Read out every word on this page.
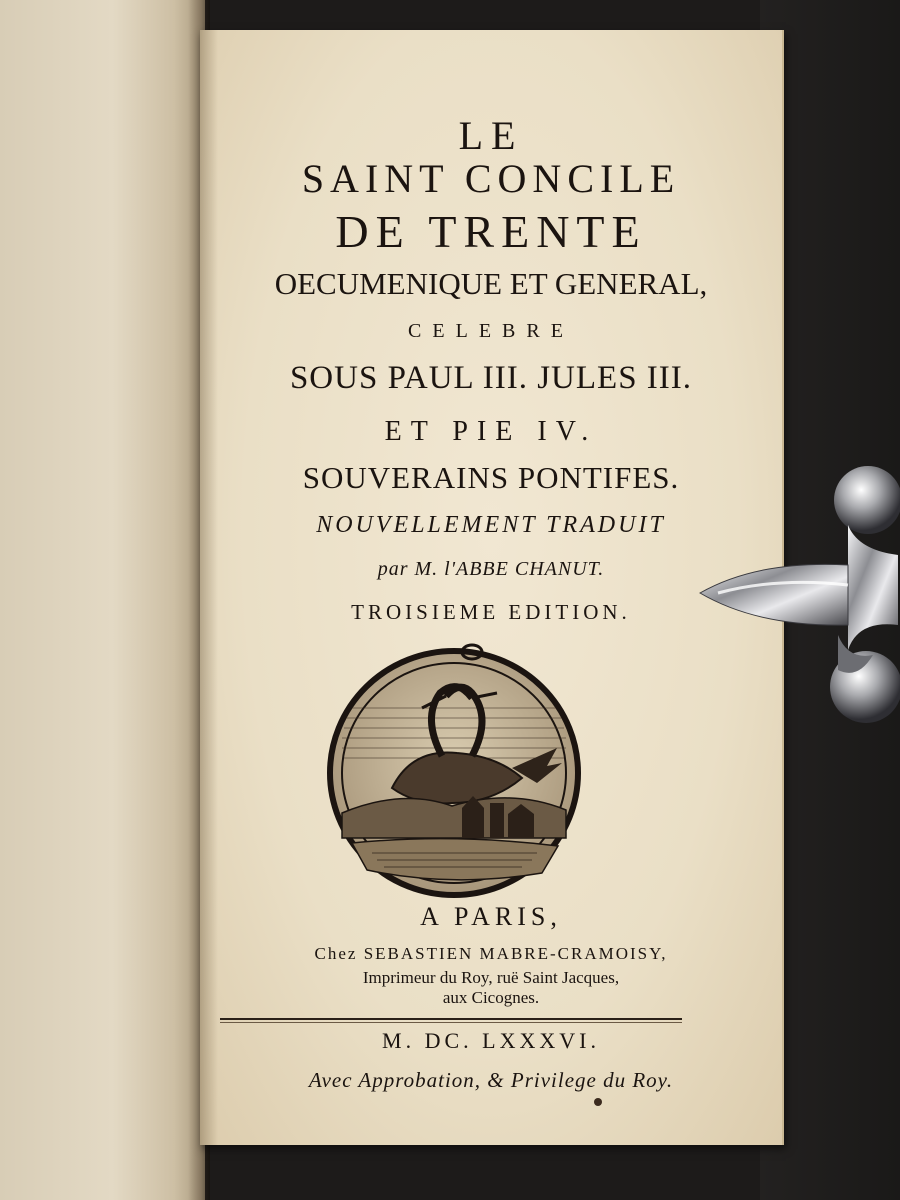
LE
SAINT CONCILE
DE TRENTE
OECUMENIQUE ET GENERAL,
CELEBRE
SOUS PAUL III. JULES III.
ET PIE IV.
SOUVERAINS PONTIFES.
NOUVELLEMENT TRADUIT
par M. l'ABBE CHANUT.
TROISIEME EDITION.
A PARIS,
Chez SEBASTIEN MABRE-CRAMOISY,
Imprimeur du Roy, ruë Saint Jacques,
aux Cicognes.
M. DC. LXXXVI.
Avec Approbation, & Privilege du Roy.
